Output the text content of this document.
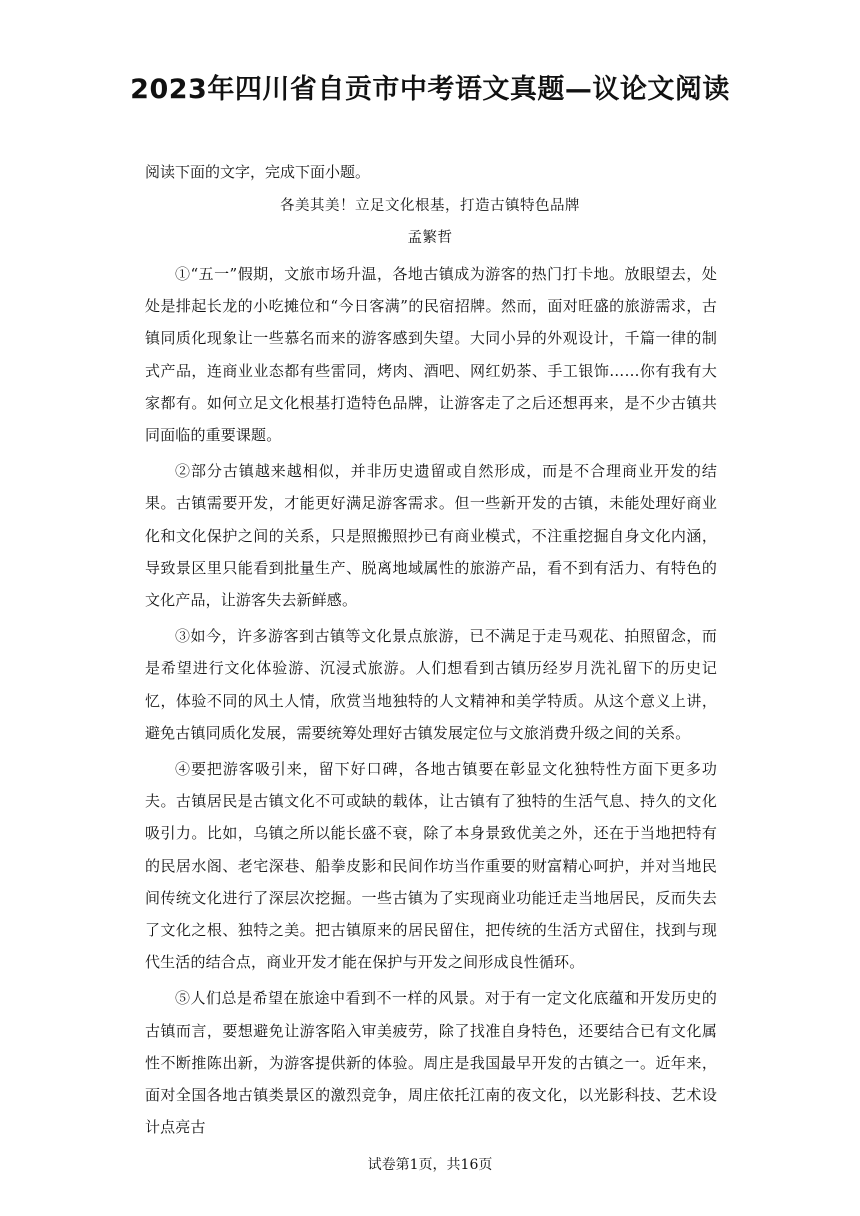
2023年四川省自贡市中考语文真题—议论文阅读
阅读下面的文字，完成下面小题。
各美其美！立足文化根基，打造古镇特色品牌
孟繁哲

①“五一”假期，文旅市场升温，各地古镇成为游客的热门打卡地。放眼望去，处处是排起长龙的小吃摊位和“今日客满”的民宿招牌。然而，面对旺盛的旅游需求，古镇同质化现象让一些慕名而来的游客感到失望。大同小异的外观设计，千篇一律的制式产品，连商业业态都有些雷同，烤肉、酒吧、网红奶茶、手工银饰……你有我有大家都有。如何立足文化根基打造特色品牌，让游客走了之后还想再来，是不少古镇共同面临的重要课题。

②部分古镇越来越相似，并非历史遗留或自然形成，而是不合理商业开发的结果。古镇需要开发，才能更好满足游客需求。但一些新开发的古镇，未能处理好商业化和文化保护之间的关系，只是照搬照抄已有商业模式，不注重挖掘自身文化内涵，导致景区里只能看到批量生产、脱离地域属性的旅游产品，看不到有活力、有特色的文化产品，让游客失去新鲜感。

③如今，许多游客到古镇等文化景点旅游，已不满足于走马观花、拍照留念，而是希望进行文化体验游、沉浸式旅游。人们想看到古镇历经岁月洗礼留下的历史记忆，体验不同的风土人情，欣赏当地独特的人文精神和美学特质。从这个意义上讲，避免古镇同质化发展，需要统筹处理好古镇发展定位与文旅消费升级之间的关系。

④要把游客吸引来，留下好口碑，各地古镇要在彰显文化独特性方面下更多功夫。古镇居民是古镇文化不可或缺的载体，让古镇有了独特的生活气息、持久的文化吸引力。比如，乌镇之所以能长盛不衰，除了本身景致优美之外，还在于当地把特有的民居水阁、老宅深巷、船拳皮影和民间作坊当作重要的财富精心呵护，并对当地民间传统文化进行了深层次挖掘。一些古镇为了实现商业功能迁走当地居民，反而失去了文化之根、独特之美。把古镇原来的居民留住，把传统的生活方式留住，找到与现代生活的结合点，商业开发才能在保护与开发之间形成良性循环。

⑤人们总是希望在旅途中看到不一样的风景。对于有一定文化底蕴和开发历史的古镇而言，要想避免让游客陷入审美疲劳，除了找准自身特色，还要结合已有文化属性不断推陈出新，为游客提供新的体验。周庄是我国最早开发的古镇之一。近年来，面对全国各地古镇类景区的激烈竞争，周庄依托江南的夜文化，以光影科技、艺术设计点亮古

试卷第1页，共16页
